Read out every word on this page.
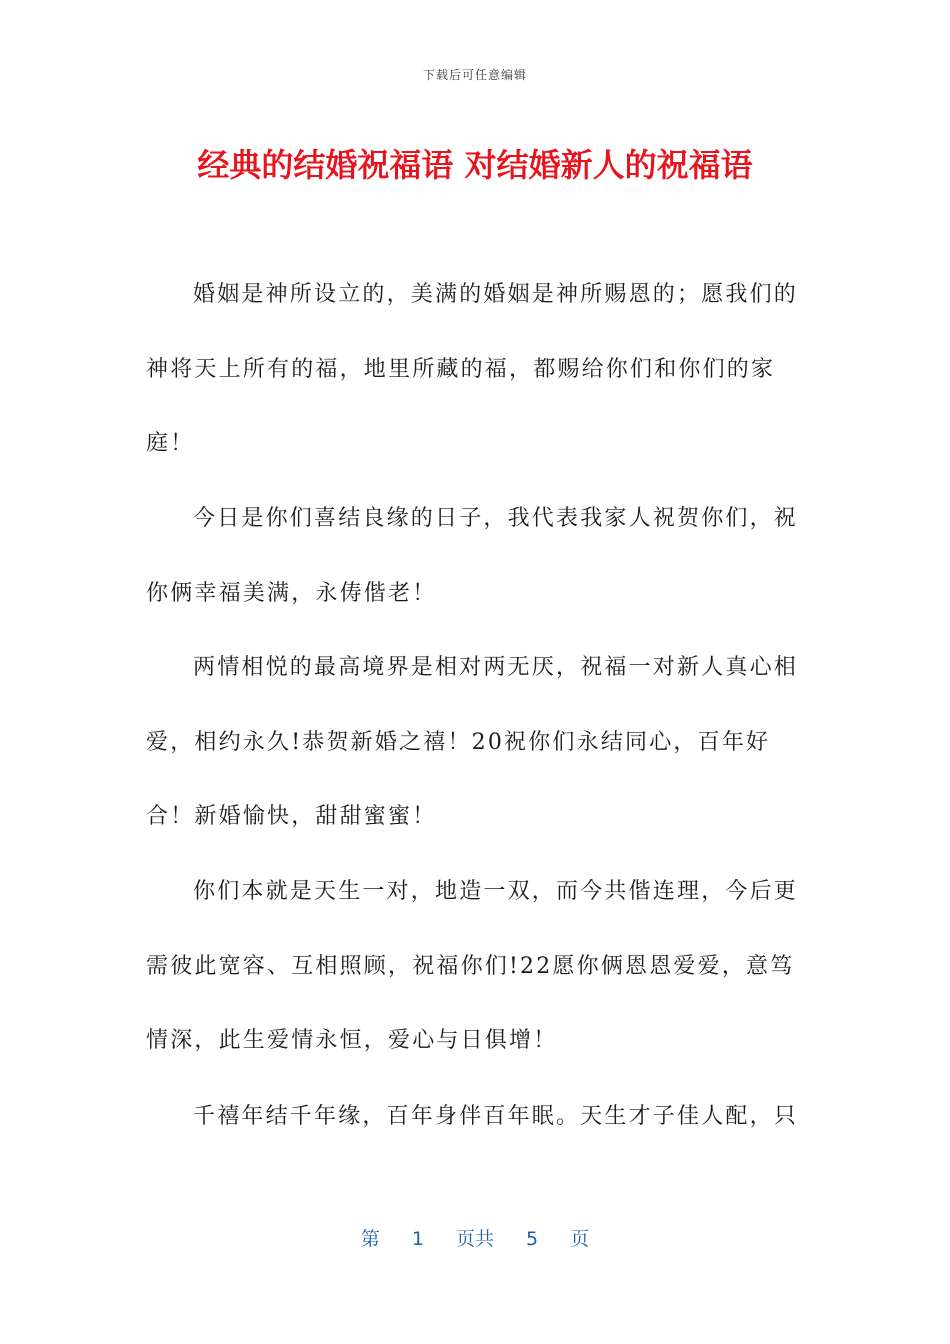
下载后可任意编辑
经典的结婚祝福语 对结婚新人的祝福语

婚姻是神所设立的，美满的婚姻是神所赐恩的；愿我们的神将天上所有的福，地里所藏的福，都赐给你们和你们的家庭！

今日是你们喜结良缘的日子，我代表我家人祝贺你们，祝你俩幸福美满，永俦偕老！

两情相悦的最高境界是相对两无厌，祝福一对新人真心相爱，相约永久!恭贺新婚之禧！20祝你们永结同心，百年好合！新婚愉快，甜甜蜜蜜！

你们本就是天生一对，地造一双，而今共偕连理，今后更需彼此宽容、互相照顾，祝福你们!22愿你俩恩恩爱爱，意笃情深，此生爱情永恒，爱心与日俱增！

千禧年结千年缘，百年身伴百年眠。天生才子佳人配，只

第 1 页共 5 页
